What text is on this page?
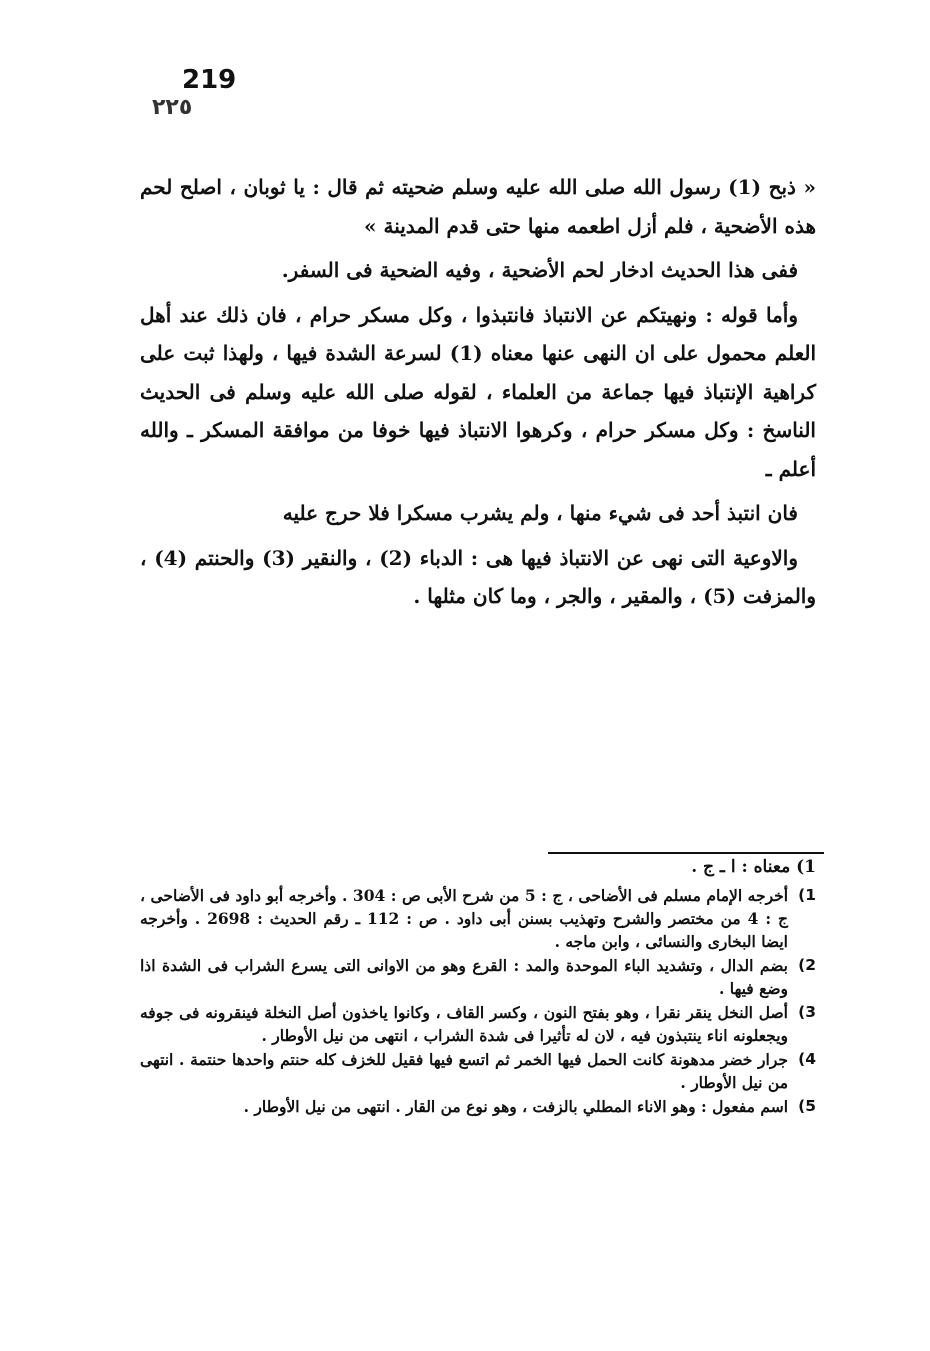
219
٢٢٥

« ذبح (1) رسول الله صلى الله عليه وسلم ضحيته ثم قال : يا ثوبان ، اصلح لحم هذه الأضحية ، فلم أزل اطعمه منها حتى قدم المدينة »

ففى هذا الحديث ادخار لحم الأضحية ، وفيه الضحية فى السفر.

وأما قوله : ونهيتكم عن الانتباذ فانتبذوا ، وكل مسكر حرام ، فان ذلك عند أهل العلم محمول على ان النهى عنها معناه (1) لسرعة الشدة فيها ، ولهذا ثبت على كراهية الإنتباذ فيها جماعة من العلماء ، لقوله صلى الله عليه وسلم فى الحديث الناسخ : وكل مسكر حرام ، وكرهوا الانتباذ فيها خوفا من موافقة المسكر ـ والله أعلم ـ

فان انتبذ أحد فى شيء منها ، ولم يشرب مسكرا فلا حرج عليه

والاوعية التى نهى عن الانتباذ فيها هى : الدباء (2) ، والنقير (3) والحنتم (4) ، والمزفت (5) ، والمقير ، والجر ، وما كان مثلها .

1) معناه : ا ـ ج .
1)
أخرجه الإمام مسلم فى الأضاحى ، ج : 5 من شرح الأبى ص : 304 . وأخرجه أبو داود فى الأضاحى ، ج : 4 من مختصر والشرح وتهذيب بسنن أبى داود . ص : 112 ـ رقم الحديث : 2698 . وأخرجه ايضا البخارى والنسائى ، وابن ماجه .
2)
بضم الدال ، وتشديد الباء الموحدة والمد : القرع وهو من الاوانى التى يسرع الشراب فى الشدة اذا وضع فيها .
3)
أصل النخل ينقر نقرا ، وهو بفتح النون ، وكسر القاف ، وكانوا ياخذون أصل النخلة فينقرونه فى جوفه ويجعلونه اناء ينتبذون فيه ، لان له تأثيرا فى شدة الشراب ، انتهى من نيل الأوطار .
4)
جرار خضر مدهونة كانت الحمل فيها الخمر ثم اتسع فيها فقيل للخزف كله حنتم واحدها حنتمة . انتهى من نيل الأوطار .
5)
اسم مفعول : وهو الاناء المطلي بالزفت ، وهو نوع من القار . انتهى من نيل الأوطار .
